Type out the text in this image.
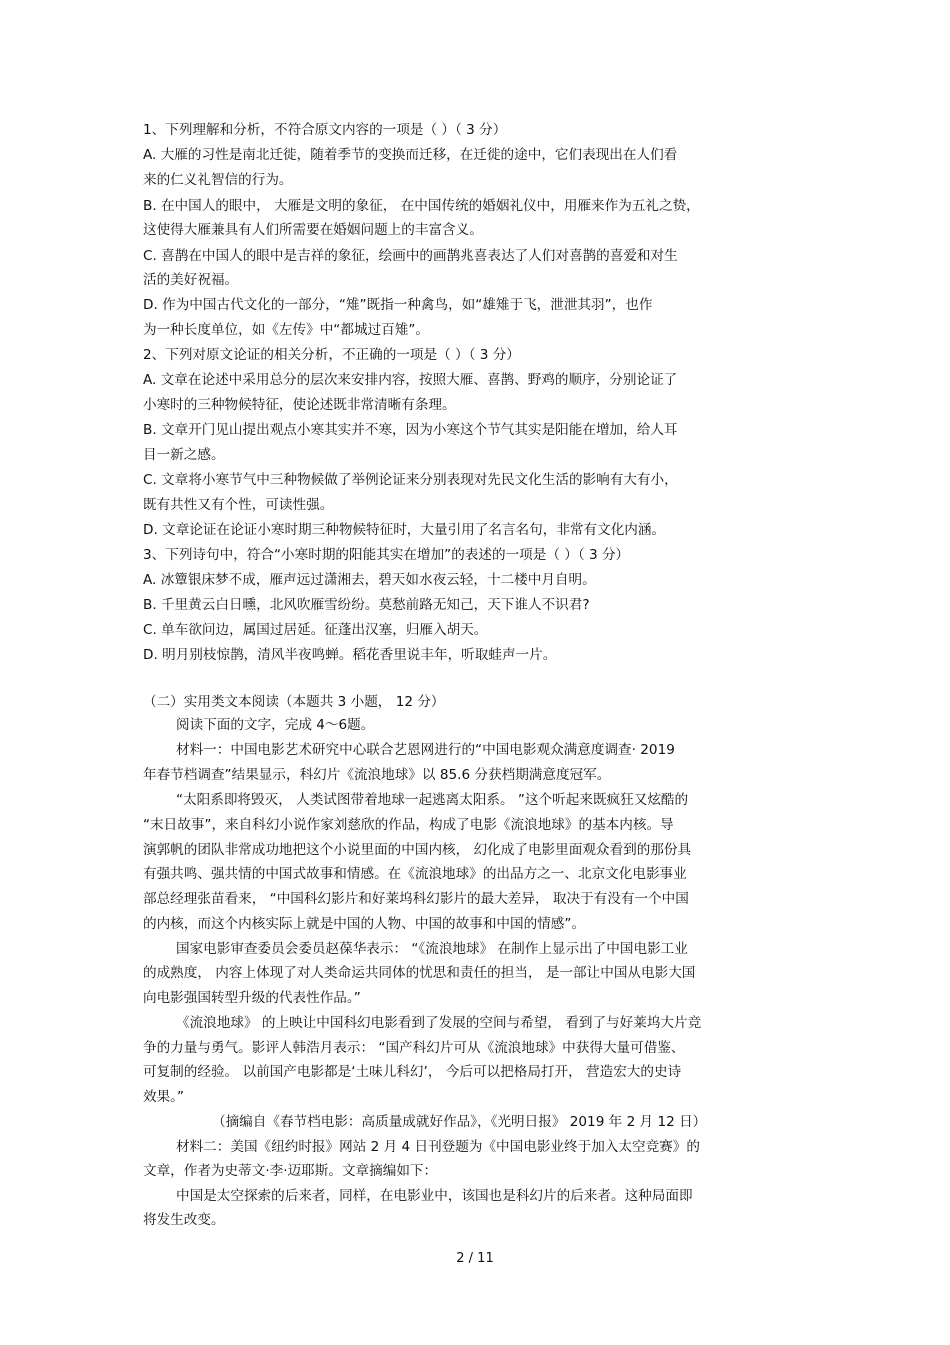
1、下列理解和分析，不符合原文内容的一项是（ ）（ 3 分）
A. 大雁的习性是南北迁徙，随着季节的变换而迁移，在迁徙的途中，它们表现出在人们看
来的仁义礼智信的行为。
B. 在中国人的眼中， 大雁是文明的象征， 在中国传统的婚姻礼仪中，用雁来作为五礼之贽，
这使得大雁兼具有人们所需要在婚姻问题上的丰富含义。
C. 喜鹊在中国人的眼中是吉祥的象征，绘画中的画鹊兆喜表达了人们对喜鹊的喜爱和对生
活的美好祝福。
D. 作为中国古代文化的一部分，“雉”既指一种禽鸟，如“雄雉于飞，泄泄其羽”，也作
为一种长度单位，如《左传》中“都城过百雉”。
2、下列对原文论证的相关分析，不正确的一项是（ ）（ 3 分）
A. 文章在论述中采用总分的层次来安排内容，按照大雁、喜鹊、野鸡的顺序，分别论证了
小寒时的三种物候特征，使论述既非常清晰有条理。
B. 文章开门见山提出观点小寒其实并不寒，因为小寒这个节气其实是阳能在增加，给人耳
目一新之感。
C. 文章将小寒节气中三种物候做了举例论证来分别表现对先民文化生活的影响有大有小，
既有共性又有个性，可读性强。
D. 文章论证在论证小寒时期三种物候特征时，大量引用了名言名句，非常有文化内涵。
3、下列诗句中，符合“小寒时期的阳能其实在增加”的表述的一项是（ ）（ 3 分）
A. 冰簟银床梦不成，雁声远过潇湘去，碧天如水夜云轻，十二楼中月自明。
B. 千里黄云白日曛，北风吹雁雪纷纷。莫愁前路无知己，天下谁人不识君?
C. 单车欲问边，属国过居延。征蓬出汉塞，归雁入胡天。
D. 明月别枝惊鹊，清风半夜鸣蝉。稻花香里说丰年，听取蛙声一片。
（二）实用类文本阅读（本题共 3 小题， 12 分）
阅读下面的文字，完成 4～6题。
材料一：中国电影艺术研究中心联合艺恩网进行的“中国电影观众满意度调查· 2019
年春节档调查”结果显示，科幻片《流浪地球》以 85.6 分获档期满意度冠军。
“太阳系即将毁灭， 人类试图带着地球一起逃离太阳系。 ”这个听起来既疯狂又炫酷的
“末日故事”，来自科幻小说作家刘慈欣的作品，构成了电影《流浪地球》的基本内核。导
演郭帆的团队非常成功地把这个小说里面的中国内核， 幻化成了电影里面观众看到的那份具
有强共鸣、强共情的中国式故事和情感。在《流浪地球》的出品方之一、北京文化电影事业
部总经理张苗看来， “中国科幻影片和好莱坞科幻影片的最大差异， 取决于有没有一个中国
的内核，而这个内核实际上就是中国的人物、中国的故事和中国的情感”。
国家电影审查委员会委员赵葆华表示： “《流浪地球》 在制作上显示出了中国电影工业
的成熟度， 内容上体现了对人类命运共同体的忧思和责任的担当， 是一部让中国从电影大国
向电影强国转型升级的代表性作品。”
《流浪地球》 的上映让中国科幻电影看到了发展的空间与希望， 看到了与好莱坞大片竞
争的力量与勇气。影评人韩浩月表示： “国产科幻片可从《流浪地球》中获得大量可借鉴、
可复制的经验。 以前国产电影都是‘土味儿科幻’， 今后可以把格局打开， 营造宏大的史诗
效果。”
（摘编自《春节档电影：高质量成就好作品》，《光明日报》 2019 年 2 月 12 日）
材料二：美国《纽约时报》网站 2 月 4 日刊登题为《中国电影业终于加入太空竞赛》的
文章，作者为史蒂文·李·迈耶斯。文章摘编如下：
中国是太空探索的后来者，同样，在电影业中，该国也是科幻片的后来者。这种局面即
将发生改变。
2 / 11
